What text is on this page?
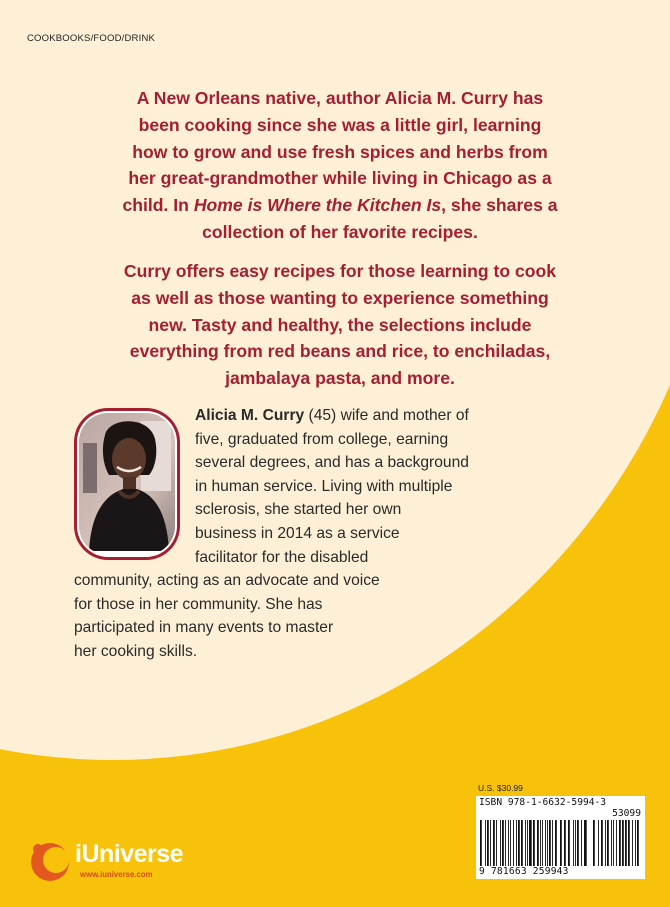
COOKBOOKS/FOOD/DRINK
A New Orleans native, author Alicia M. Curry has
been cooking since she was a little girl, learning
how to grow and use fresh spices and herbs from
her great-grandmother while living in Chicago as a
child. In Home is Where the Kitchen Is, she shares a
collection of her favorite recipes.
Curry offers easy recipes for those learning to cook
as well as those wanting to experience something
new. Tasty and healthy, the selections include
everything from red beans and rice, to enchiladas,
jambalaya pasta, and more.
Alicia M. Curry (45) wife and mother of
five, graduated from college, earning
several degrees, and has a background
in human service. Living with multiple
sclerosis, she started her own
business in 2014 as a service
facilitator for the disabled
community, acting as an advocate and voice
for those in her community. She has
participated in many events to master
her cooking skills.
U.S. $30.99
ISBN 978-1-6632-5994-3
53099
9 781663 259943
iUniverse
www.iuniverse.com
